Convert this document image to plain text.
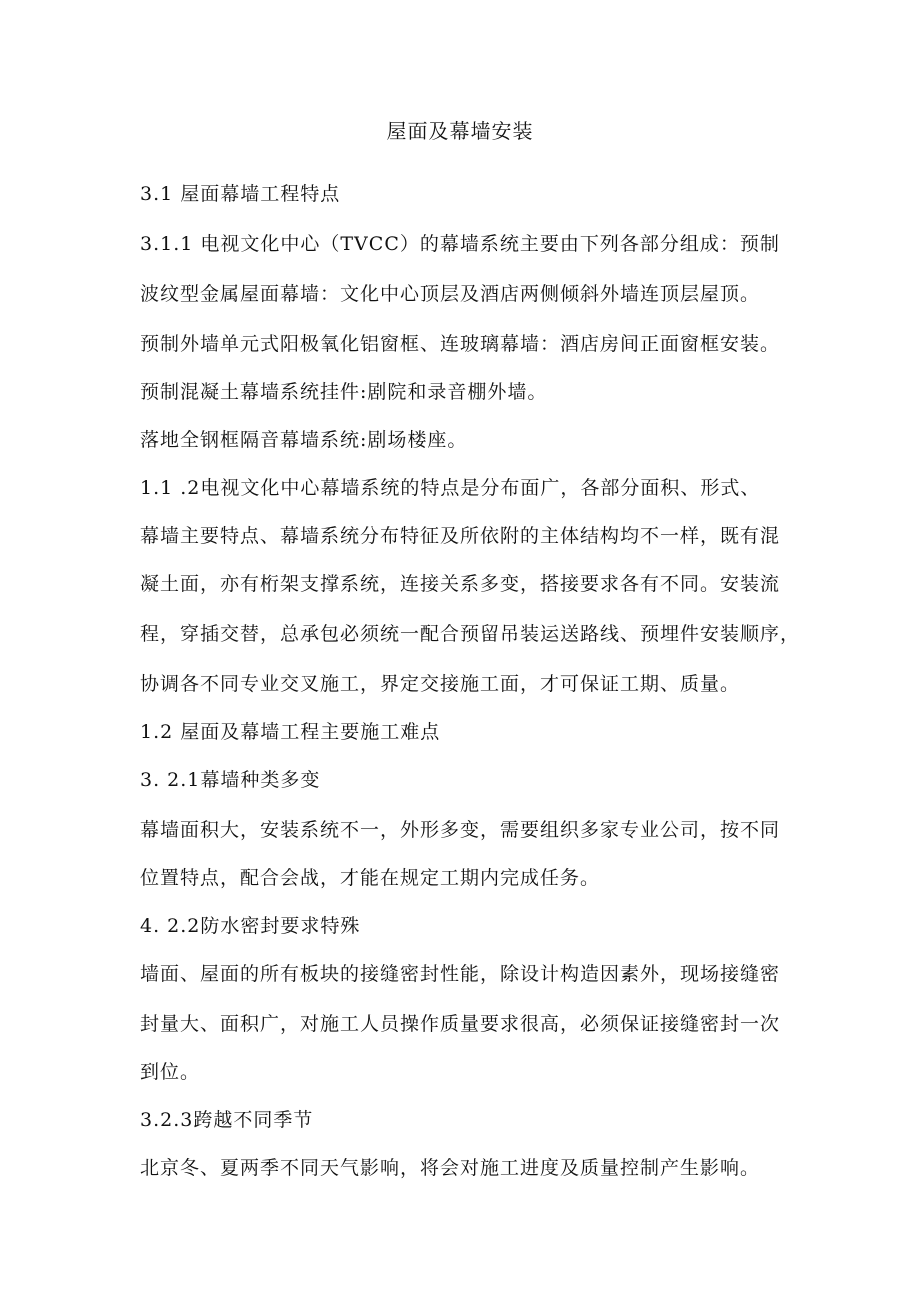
屋面及幕墙安装

3.1 屋面幕墙工程特点

3.1.1 电视文化中心（TVCC）的幕墙系统主要由下列各部分组成：预制

波纹型金属屋面幕墙：文化中心顶层及酒店两侧倾斜外墙连顶层屋顶。

预制外墙单元式阳极氧化铝窗框、连玻璃幕墙：酒店房间正面窗框安装。

预制混凝土幕墙系统挂件:剧院和录音棚外墙。

落地全钢框隔音幕墙系统:剧场楼座。

1.1 .2电视文化中心幕墙系统的特点是分布面广，各部分面积、形式、

幕墙主要特点、幕墙系统分布特征及所依附的主体结构均不一样，既有混

凝土面，亦有桁架支撑系统，连接关系多变，搭接要求各有不同。安装流

程，穿插交替，总承包必须统一配合预留吊装运送路线、预埋件安装顺序，

协调各不同专业交叉施工，界定交接施工面，才可保证工期、质量。

1.2 屋面及幕墙工程主要施工难点

3. 2.1幕墙种类多变

幕墙面积大，安装系统不一，外形多变，需要组织多家专业公司，按不同

位置特点，配合会战，才能在规定工期内完成任务。

4. 2.2防水密封要求特殊

墙面、屋面的所有板块的接缝密封性能，除设计构造因素外，现场接缝密

封量大、面积广，对施工人员操作质量要求很高，必须保证接缝密封一次

到位。

3.2.3跨越不同季节

北京冬、夏两季不同天气影响，将会对施工进度及质量控制产生影响。
